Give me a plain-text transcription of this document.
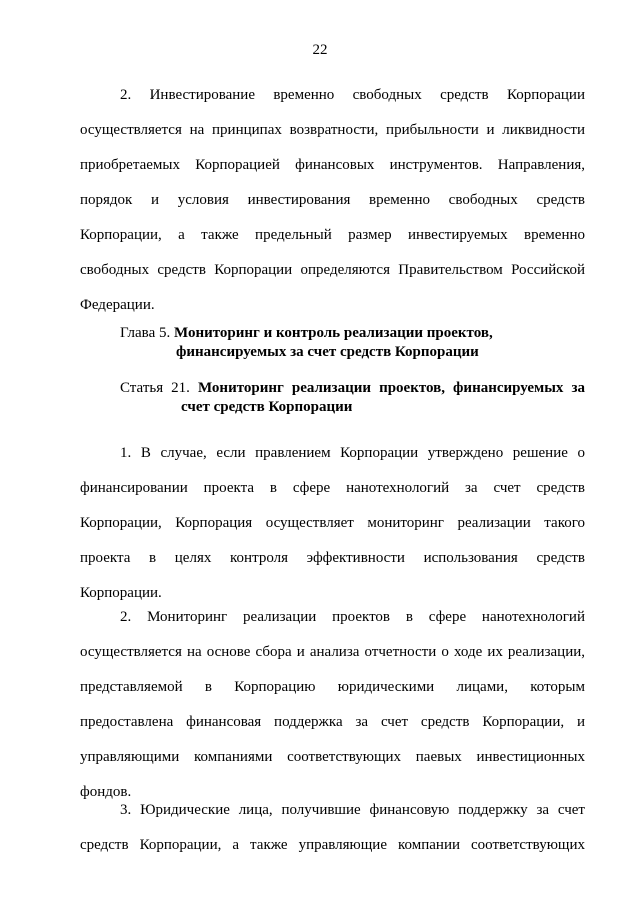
22
2. Инвестирование временно свободных средств Корпорации
осуществляется на принципах возвратности, прибыльности и ликвидности
приобретаемых Корпорацией финансовых инструментов. Направления,
порядок и условия инвестирования временно свободных средств
Корпорации, а также предельный размер инвестируемых временно
свободных средств Корпорации определяются Правительством Российской
Федерации.
Глава 5. Мониторинг и контроль реализации проектов,
финансируемых за счет средств Корпорации
Статья 21. Мониторинг реализации проектов, финансируемых за
счет средств Корпорации
1. В случае, если правлением Корпорации утверждено решение о
финансировании проекта в сфере нанотехнологий за счет средств
Корпорации, Корпорация осуществляет мониторинг реализации такого
проекта в целях контроля эффективности использования средств
Корпорации.
2. Мониторинг реализации проектов в сфере нанотехнологий
осуществляется на основе сбора и анализа отчетности о ходе их реализации,
представляемой в Корпорацию юридическими лицами, которым
предоставлена финансовая поддержка за счет средств Корпорации, и
управляющими компаниями соответствующих паевых инвестиционных
фондов.
3. Юридические лица, получившие финансовую поддержку за счет
средств Корпорации, а также управляющие компании соответствующих
